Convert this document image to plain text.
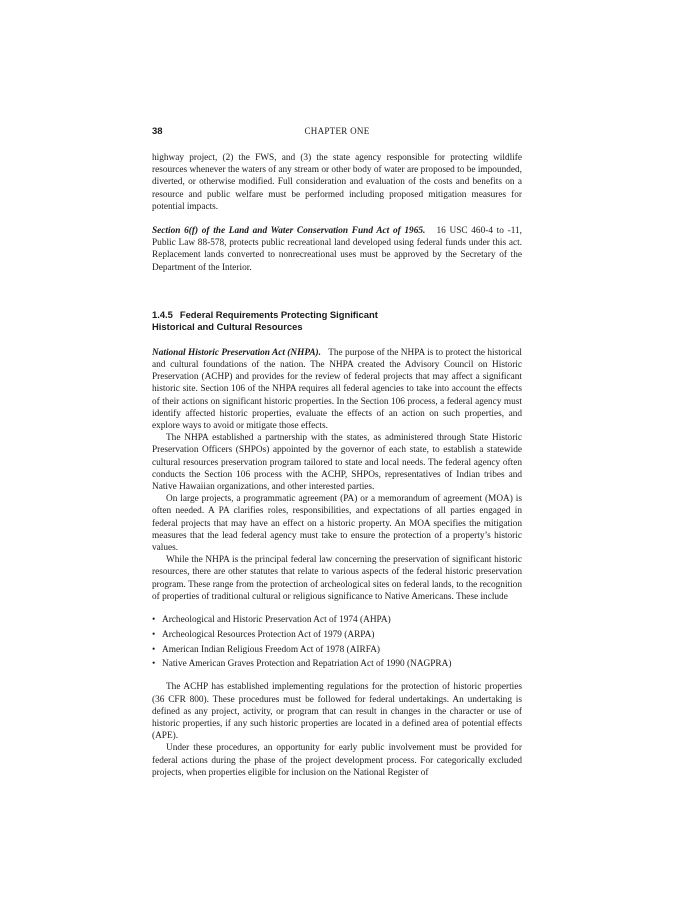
38	CHAPTER ONE

highway project, (2) the FWS, and (3) the state agency responsible for protecting wildlife resources whenever the waters of any stream or other body of water are proposed to be impounded, diverted, or otherwise modified. Full consideration and evaluation of the costs and benefits on a resource and public welfare must be performed including proposed mitigation measures for potential impacts.

Section 6(f) of the Land and Water Conservation Fund Act of 1965. 16 USC 460-4 to -11, Public Law 88-578, protects public recreational land developed using federal funds under this act. Replacement lands converted to nonrecreational uses must be approved by the Secretary of the Department of the Interior.

1.4.5 Federal Requirements Protecting Significant
Historical and Cultural Resources

National Historic Preservation Act (NHPA). The purpose of the NHPA is to protect the historical and cultural foundations of the nation. The NHPA created the Advisory Council on Historic Preservation (ACHP) and provides for the review of federal projects that may affect a significant historic site. Section 106 of the NHPA requires all federal agencies to take into account the effects of their actions on significant historic properties. In the Section 106 process, a federal agency must identify affected historic properties, evaluate the effects of an action on such properties, and explore ways to avoid or mitigate those effects.

The NHPA established a partnership with the states, as administered through State Historic Preservation Officers (SHPOs) appointed by the governor of each state, to establish a statewide cultural resources preservation program tailored to state and local needs. The federal agency often conducts the Section 106 process with the ACHP, SHPOs, representatives of Indian tribes and Native Hawaiian organizations, and other interested parties.

On large projects, a programmatic agreement (PA) or a memorandum of agreement (MOA) is often needed. A PA clarifies roles, responsibilities, and expectations of all parties engaged in federal projects that may have an effect on a historic property. An MOA specifies the mitigation measures that the lead federal agency must take to ensure the protection of a property’s historic values.

While the NHPA is the principal federal law concerning the preservation of significant historic resources, there are other statutes that relate to various aspects of the federal historic preservation program. These range from the protection of archeological sites on federal lands, to the recognition of properties of traditional cultural or religious significance to Native Americans. These include

• Archeological and Historic Preservation Act of 1974 (AHPA)
• Archeological Resources Protection Act of 1979 (ARPA)
• American Indian Religious Freedom Act of 1978 (AIRFA)
• Native American Graves Protection and Repatriation Act of 1990 (NAGPRA)

The ACHP has established implementing regulations for the protection of historic properties (36 CFR 800). These procedures must be followed for federal undertakings. An undertaking is defined as any project, activity, or program that can result in changes in the character or use of historic properties, if any such historic properties are located in a defined area of potential effects (APE).

Under these procedures, an opportunity for early public involvement must be provided for federal actions during the phase of the project development process. For categorically excluded projects, when properties eligible for inclusion on the National Register of
